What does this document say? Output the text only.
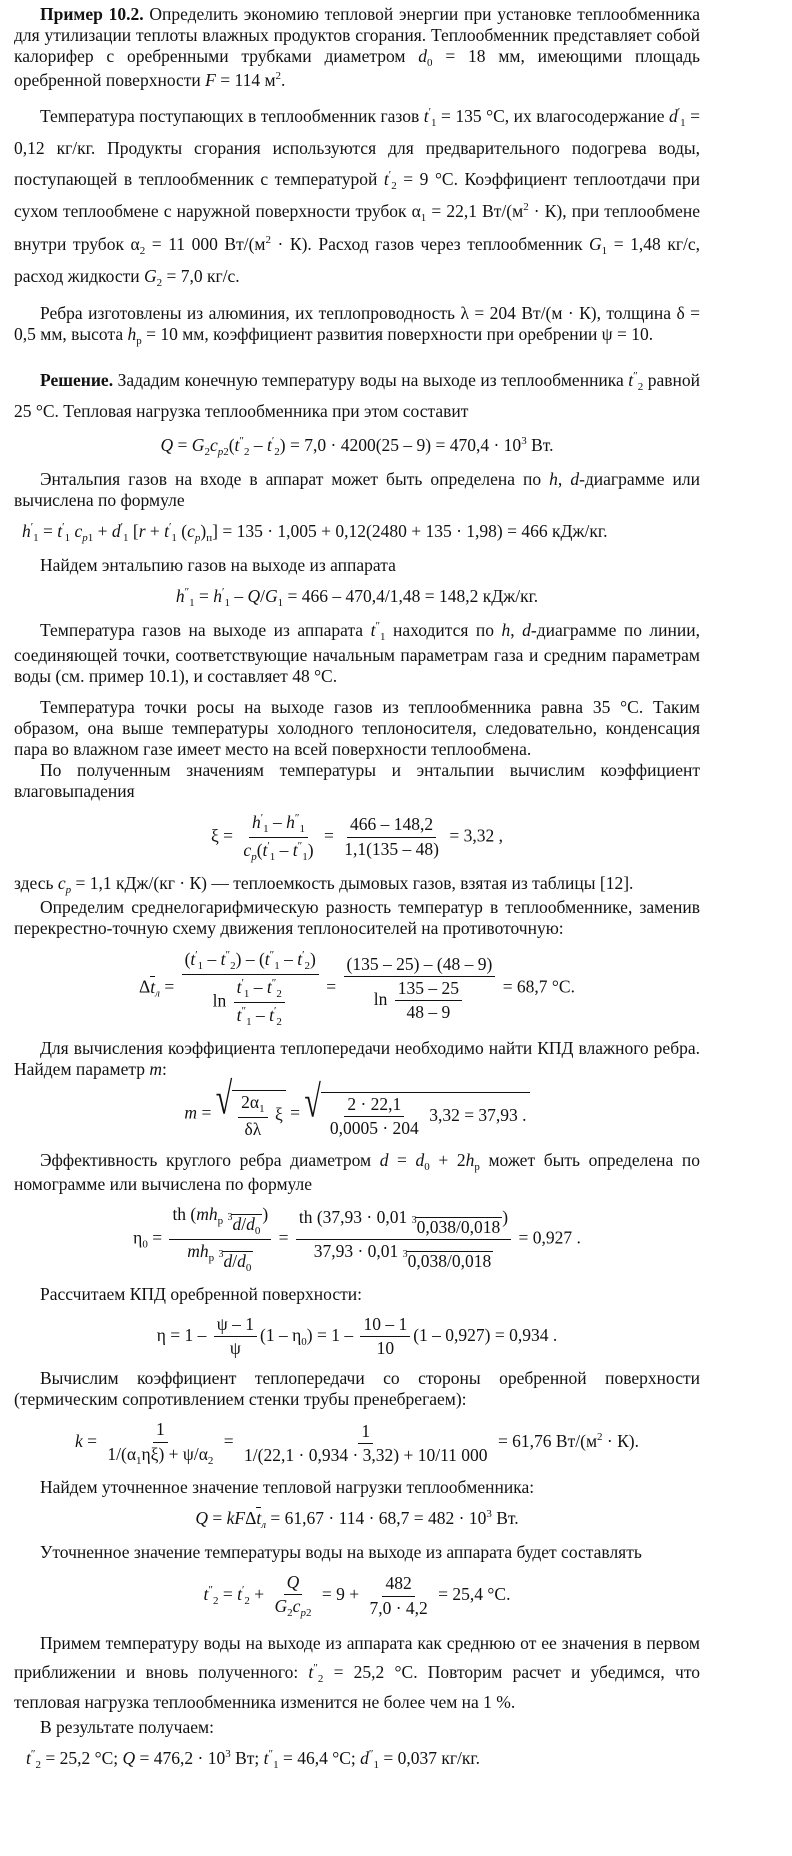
Пример 10.2. Определить экономию тепловой энергии при установке теплообменника для утилизации теплоты влажных продуктов сгорания. Теплообменник представляет собой калорифер с оребренными трубками диаметром $d_0 = 18$ мм, имеющими площадь оребренной поверхности F = 114 $м^2$.

Температура поступающих в теплообменник газов $t'_1 = 135$ °C, их влагосодержание $d'_1 = 0,12$ кг/кг. Продукты сгорания используются для предварительного подогрева воды, поступающей в теплообменник с температурой $t'_2 = 9$ °C. Коэффициент теплоотдачи при сухом теплообмене с наружной поверхности трубок $\alpha_1 = 22,1$ $Вт/(м^2 \cdot К)$, при теплообмене внутри трубок $\alpha_2 = 11$ 000 $Вт/(м^2 \cdot К)$. Расход газов через теплообменник $G_1 = 1,48$ кг/с, расход жидкости $G_2 = 7,0$ кг/с.

Ребра изготовлены из алюминия, их теплопроводность λ = 204 Вт/(м · К), толщина δ = 0,5 мм, высота $h_р = 10$ мм, коэффициент развития поверхности при оребрении ψ = 10.

Решение. Зададим конечную температуру воды на выходе из теплообменника $t''_2$ равной 25 °C. Тепловая нагрузка теплообменника при этом составит

$Q = G_2c_{p2}(t''_2 - t'_2) = 7,0 \cdot 4200(25 - 9) = 470,4 \cdot 10^3$ Вт.

Энтальпия газов на входе в аппарат может быть определена по h, d-диаграмме или вычислена по формуле

$h'_1 = t'_1$ $c_{p1} + d'_1$ [$r + t'_1$ $(c_p)_п] = 135 \cdot 1,005 + 0,12(2480 + 135 \cdot 1,98) = 466$ кДж/кг.

Найдем энтальпию газов на выходе из аппарата

$h''_1 = h'_1 - Q/G_1 = 466 - 470,4/1,48 = 148,2$ кДж/кг.

Температура газов на выходе из аппарата $t''_1$ находится по h, d-диаграмме по линии, соединяющей точки, соответствующие начальным параметрам газа и средним параметрам воды (см. пример 10.1), и составляет 48 °C.

Температура точки росы на выходе газов из теплообменника равна 35 °C. Таким образом, она выше температуры холодного теплоносителя, следовательно, конденсация пара во влажном газе имеет место на всей поверхности теплообмена.

По полученным значениям температуры и энтальпии вычислим коэффициент влаговыпадения

$\xi = \frac{h'_1 - h''_1}{c_p(t'_1 - t''_1)} = \frac{466 - 148,2}{1,1(135 - 48)} = 3,32$ ,

здесь $c_p = 1,1$ кДж/(кг · К) — теплоемкость дымовых газов, взятая из таблицы [12].

Определим среднелогарифмическую разность температур в теплообменнике, заменив перекрестно-точную схему движения теплоносителей на противоточную:

$\Delta t_л = \frac{(t'_1 - t''_2) - (t''_1 - t'_2)}{\ln \frac{t'_1 - t''_2}{t''_1 - t'_2}} = \frac{(135 - 25) - (48 - 9)}{\ln \frac{135 - 25}{48 - 9}} = 68,7$ °C.

Для вычисления коэффициента теплопередачи необходимо найти КПД влажного ребра. Найдем параметр m:

m = √ $\frac{2\alpha_1}{\delta\lambda}$ ξ = √ $\frac{2 \cdot 22,1}{0,0005 \cdot 204} 3,32 = 37,93$ .

Эффективность круглого ребра диаметром $d = d_0 + 2h_р$ может быть определена по номограмме или вычислена по формуле

$\eta_0$ = th ($mh_р$ 3 $d/d_0$
)
$mh_р$ 3 $d/d_0 = \frac{th (37,93 \cdot 0,01 3 0,038/0,018 )}{37,93 \cdot 0,01 3 0,038/0,018} = 0,927$ .

Рассчитаем КПД оребренной поверхности:

$\eta = 1 - \frac{\psi - 1}{\psi} (1 - \eta_0) = 1 - \frac{10 - 1}{10} (1 - 0,927) = 0,934$ .

Вычислим коэффициент теплопередачи со стороны оребренной поверхности (термическим сопротивлением стенки трубы пренебрегаем):

$k = \frac{1}{1/(\alpha_1\eta\xi) + \psi/\alpha_2} = \frac{1}{1/(22,1 \cdot 0,934 \cdot 3,32) + 10/11 000} = 61,76$ $Вт/(м^2 \cdot К)$.

Найдем уточненное значение тепловой нагрузки теплообменника:

$Q = kF\Delta t_л = 61,67 \cdot 114 \cdot 68,7 = 482 \cdot 10^3$ Вт.

Уточненное значение температуры воды на выходе из аппарата будет составлять

$t''_2 = t'_2 + \frac{Q}{G_2c_{p2}} = 9 + \frac{482}{7,0 \cdot 4,2} = 25,4$ °C.

Примем температуру воды на выходе из аппарата как среднюю от ее значения в первом приближении и вновь полученного: $t''_2 = 25,2$ °C. Повторим расчет и убедимся, что тепловая нагрузка теплообменника изменится не более чем на 1 %.

В результате получаем:

$t''_2 = 25,2$ °C; $Q = 476,2 \cdot 10^3$ Вт; $t''_1 = 46,4$ °C; $d''_1 = 0,037$ кг/кг.
